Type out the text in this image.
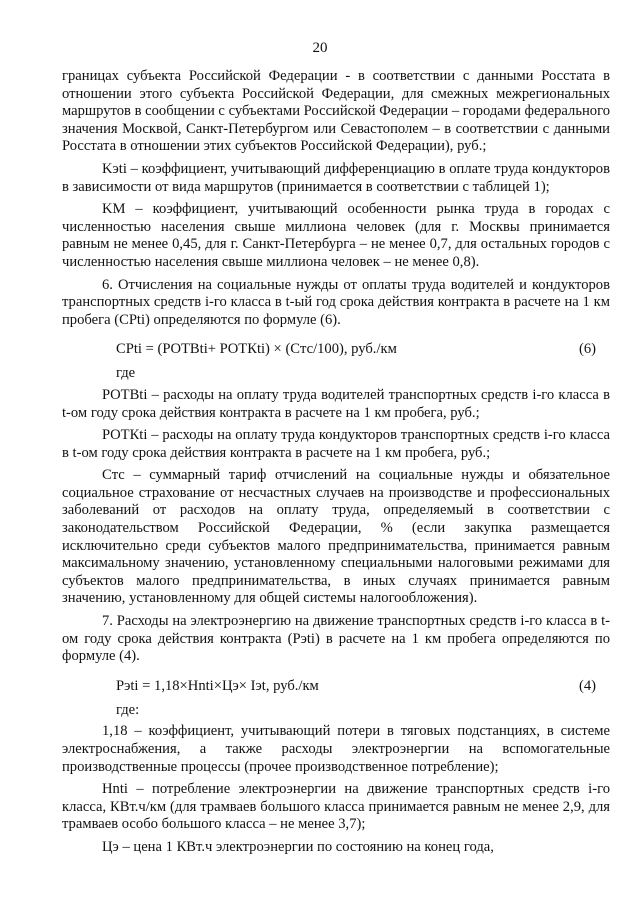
20

границах субъекта Российской Федерации - в соответствии с данными Росстата в отношении этого субъекта Российской Федерации, для смежных межрегиональных маршрутов в сообщении с субъектами Российской Федерации – городами федерального значения Москвой, Санкт-Петербургом или Севастополем – в соответствии с данными Росстата в отношении этих субъектов Российской Федерации), руб.;

Kэti – коэффициент, учитывающий дифференциацию в оплате труда кондукторов в зависимости от вида маршрутов (принимается в соответствии с таблицей 1);

KM – коэффициент, учитывающий особенности рынка труда в городах с численностью населения свыше миллиона человек (для г. Москвы принимается равным не менее 0,45, для г. Санкт-Петербурга – не менее 0,7, для остальных городов с численностью населения свыше миллиона человек – не менее 0,8).

6. Отчисления на социальные нужды от оплаты труда водителей и кондукторов транспортных средств i-го класса в t-ый год срока действия контракта в расчете на 1 км пробега (CPti) определяются по формуле (6).

CPti = (PОТВti+ PОТКti) × (Cтс/100), руб./км	(6)

где

PОТВti – расходы на оплату труда водителей транспортных средств i-го класса в t-ом году срока действия контракта в расчете на 1 км пробега, руб.;

PОТКti – расходы на оплату труда кондукторов транспортных средств i-го класса в t-ом году срока действия контракта в расчете на 1 км пробега, руб.;

Cтс – суммарный тариф отчислений на социальные нужды и обязательное социальное страхование от несчастных случаев на производстве и профессиональных заболеваний от расходов на оплату труда, определяемый в соответствии с законодательством Российской Федерации, % (если закупка размещается исключительно среди субъектов малого предпринимательства, принимается равным максимальному значению, установленному специальными налоговыми режимами для субъектов малого предпринимательства, в иных случаях принимается равным значению, установленному для общей системы налогообложения).

7. Расходы на электроэнергию на движение транспортных средств i-го класса в t-ом году срока действия контракта (Pэti) в расчете на 1 км пробега определяются по формуле (4).

Pэti = 1,18×Hnti×Цэ× Iэt, руб./км	(4)

где:

1,18 – коэффициент, учитывающий потери в тяговых подстанциях, в системе электроснабжения, а также расходы электроэнергии на вспомогательные производственные процессы (прочее производственное потребление);

Hnti – потребление электроэнергии на движение транспортных средств i-го класса, КВт.ч/км (для трамваев большого класса принимается равным не менее 2,9, для трамваев особо большого класса – не менее 3,7);

Цэ – цена 1 КВт.ч электроэнергии по состоянию на конец года,
